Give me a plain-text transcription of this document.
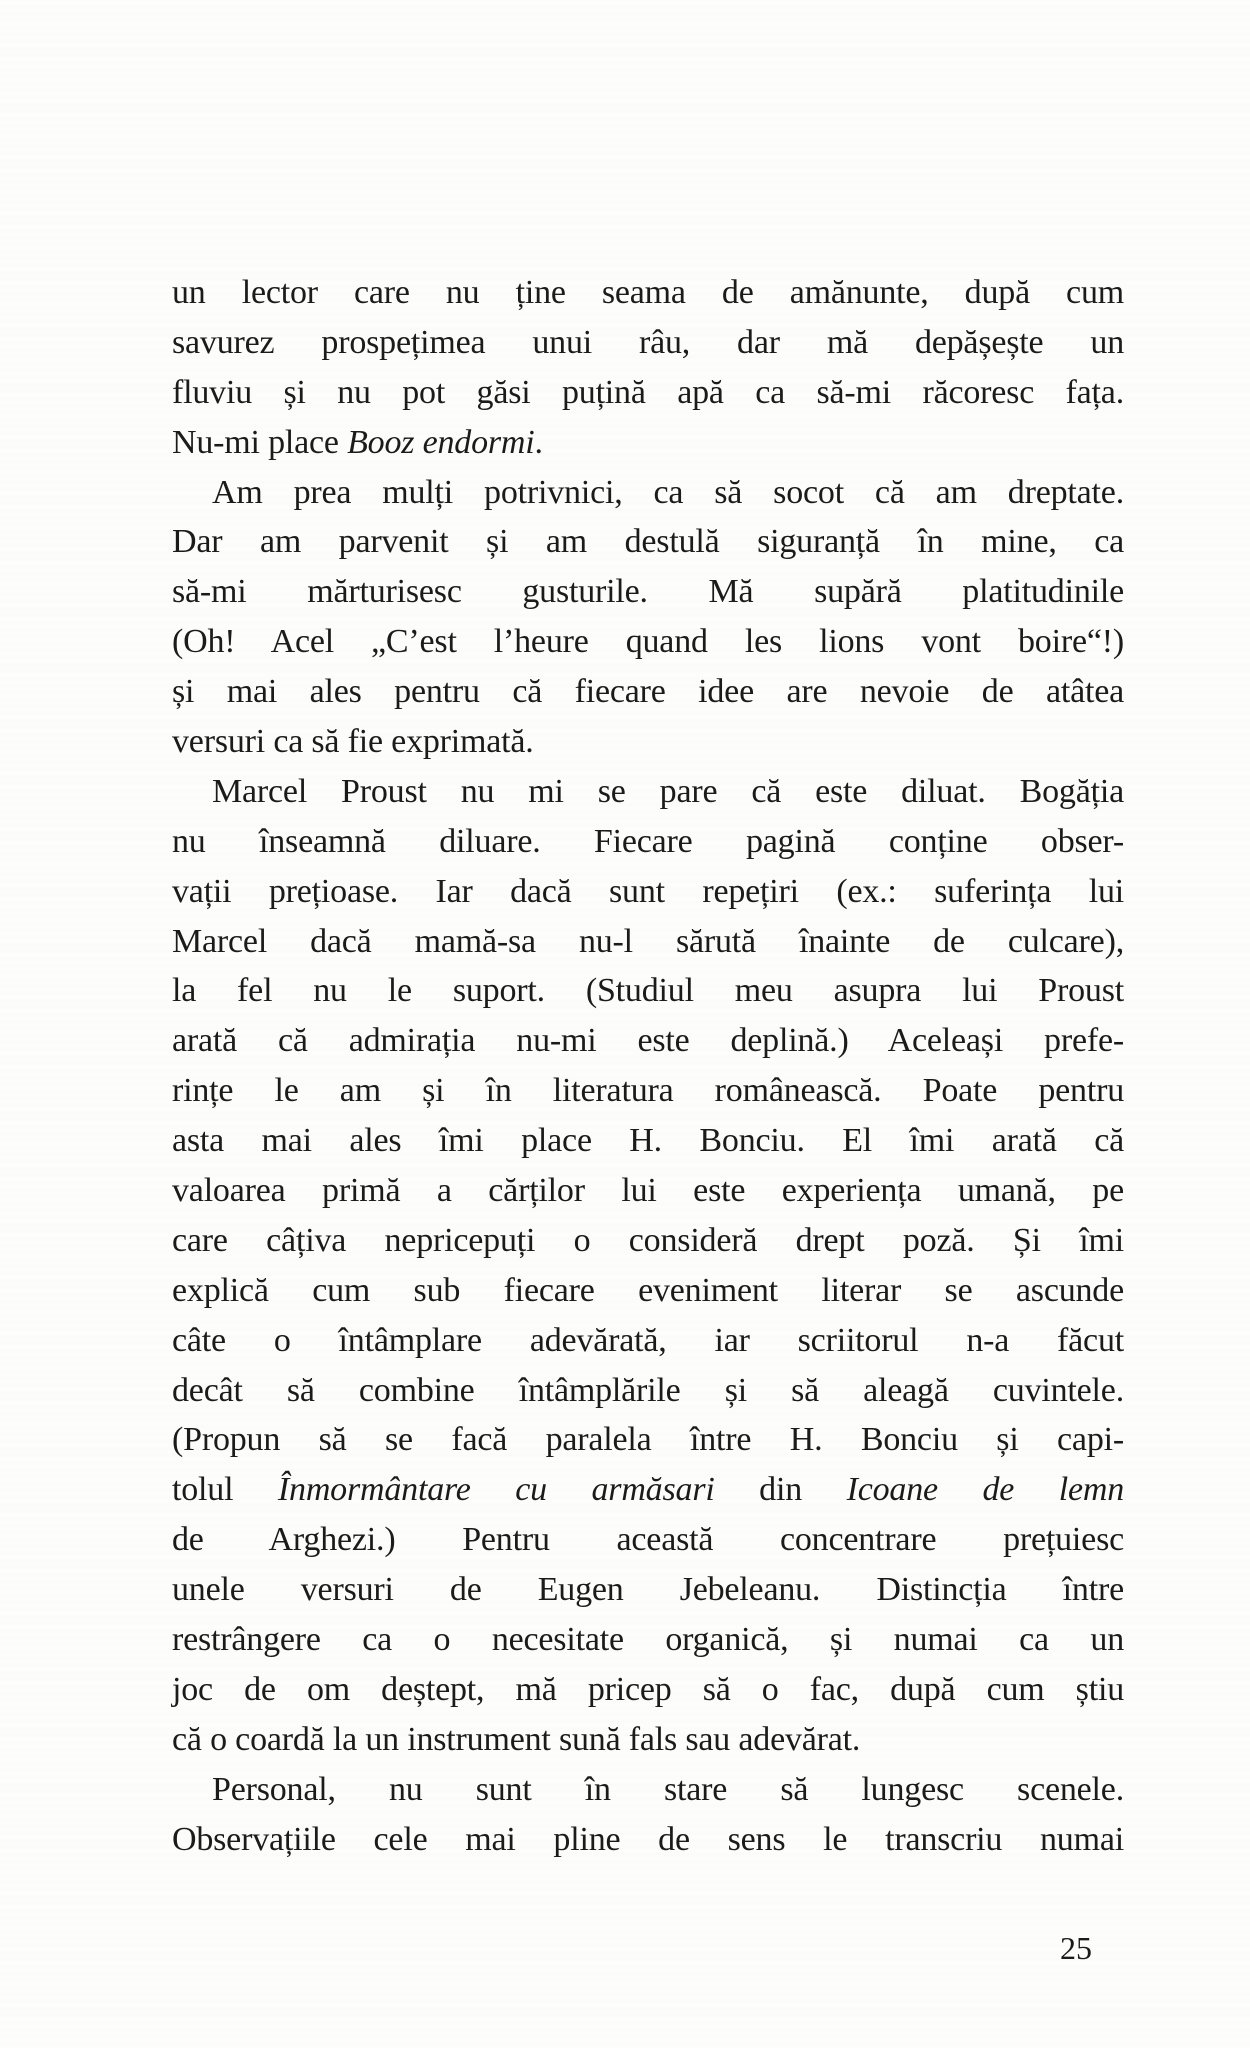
un lector care nu ține seama de amănunte, după cum
savurez prospețimea unui râu, dar mă depășește un
fluviu și nu pot găsi puțină apă ca să-mi răcoresc fața.
Nu-mi place Booz endormi.
Am prea mulți potrivnici, ca să socot că am dreptate.
Dar am parvenit și am destulă siguranță în mine, ca
să-mi mărturisesc gusturile. Mă supără platitudinile
(Oh! Acel „C’est l’heure quand les lions vont boire“!)
și mai ales pentru că fiecare idee are nevoie de atâtea
versuri ca să fie exprimată.
Marcel Proust nu mi se pare că este diluat. Bogăția
nu înseamnă diluare. Fiecare pagină conține obser-
vații prețioase. Iar dacă sunt repețiri (ex.: suferința lui
Marcel dacă mamă-sa nu-l sărută înainte de culcare),
la fel nu le suport. (Studiul meu asupra lui Proust
arată că admirația nu-mi este deplină.) Aceleași prefe-
rințe le am și în literatura românească. Poate pentru
asta mai ales îmi place H. Bonciu. El îmi arată că
valoarea primă a cărților lui este experiența umană, pe
care câțiva nepricepuți o consideră drept poză. Și îmi
explică cum sub fiecare eveniment literar se ascunde
câte o întâmplare adevărată, iar scriitorul n-a făcut
decât să combine întâmplările și să aleagă cuvintele.
(Propun să se facă paralela între H. Bonciu și capi-
tolul Înmormântare cu armăsari din Icoane de lemn
de Arghezi.) Pentru această concentrare prețuiesc
unele versuri de Eugen Jebeleanu. Distincția între
restrângere ca o necesitate organică, și numai ca un
joc de om deștept, mă pricep să o fac, după cum știu
că o coardă la un instrument sună fals sau adevărat.
Personal, nu sunt în stare să lungesc scenele.
Observațiile cele mai pline de sens le transcriu numai
25
